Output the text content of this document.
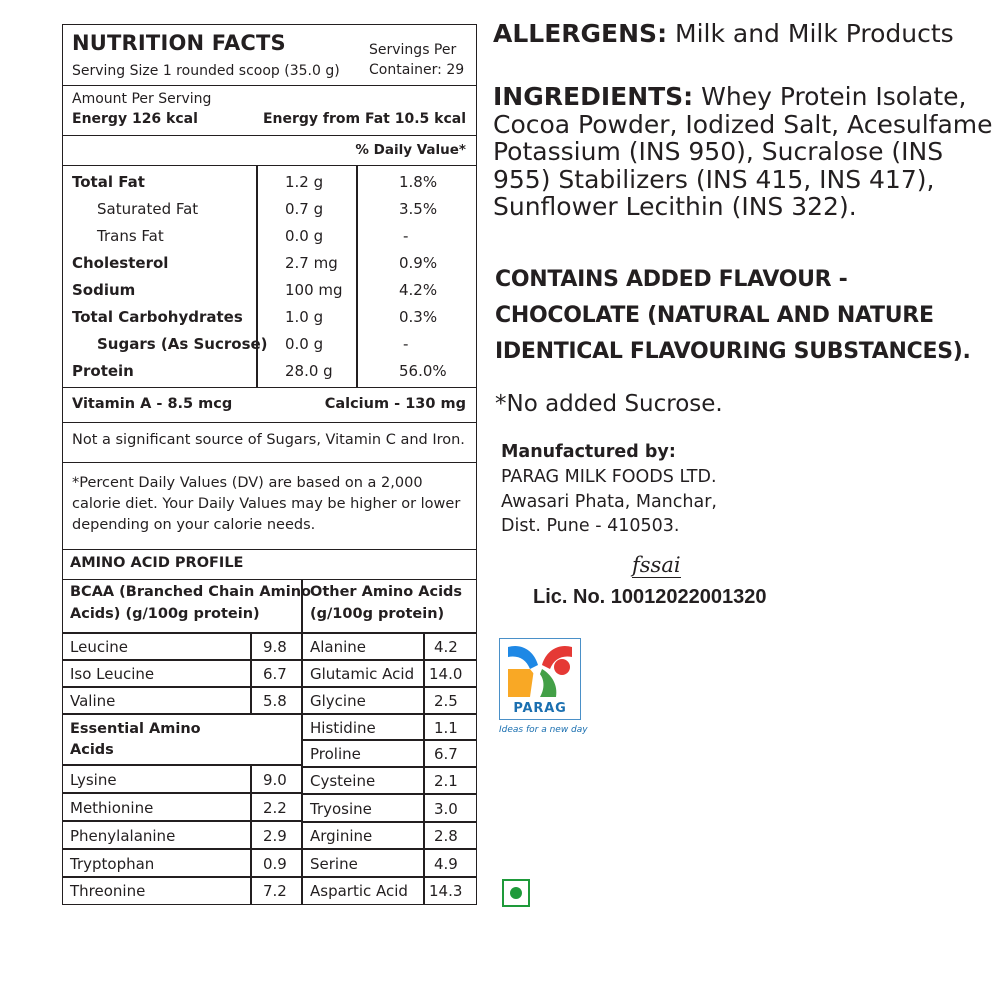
NUTRITION FACTS
Serving Size 1 rounded scoop (35.0 g)
Servings Per Container: 29
Amount Per Serving
Energy 126 kcal	Energy from Fat 10.5 kcal
% Daily Value*
Total Fat	1.2 g	1.8%
Saturated Fat	0.7 g	3.5%
Trans Fat	0.0 g	-
Cholesterol	2.7 mg	0.9%
Sodium	100 mg	4.2%
Total Carbohydrates	1.0 g	0.3%
Sugars (As Sucrose) 0.0 g	-
Protein	28.0 g	56.0%
Vitamin A - 8.5 mcg	Calcium - 130 mg
Not a significant source of Sugars, Vitamin C and Iron.
*Percent Daily Values (DV) are based on a 2,000 calorie diet. Your Daily Values may be higher or lower depending on your calorie needs.
AMINO ACID PROFILE
BCAA (Branched Chain Amino
Acids) (g/100g protein)
Other Amino Acids
(g/100g protein)
Leucine	9.8
Iso Leucine	6.7
Valine	5.8
Essential Amino
Acids
Lysine	9.0
Methionine	2.2
Phenylalanine	2.9
Tryptophan	0.9
Threonine	7.2
Alanine	4.2
Glutamic Acid 14.0
Glycine	2.5
Histidine	1.1
Proline	6.7
Cysteine	2.1
Tryosine	3.0
Arginine	2.8
Serine	4.9
Aspartic Acid 14.3
ALLERGENS: Milk and Milk Products
INGREDIENTS: Whey Protein Isolate, Cocoa Powder, Iodized Salt, Acesulfame Potassium (INS 950), Sucralose (INS 955) Stabilizers (INS 415, INS 417), Sunflower Lecithin (INS 322).
CONTAINS ADDED FLAVOUR - CHOCOLATE (NATURAL AND NATURE IDENTICAL FLAVOURING SUBSTANCES).
*No added Sucrose.
Manufactured by:
PARAG MILK FOODS LTD.
Awasari Phata, Manchar,
Dist. Pune - 410503.
fssai
Lic. No. 10012022001320
PARAG
Ideas for a new day
